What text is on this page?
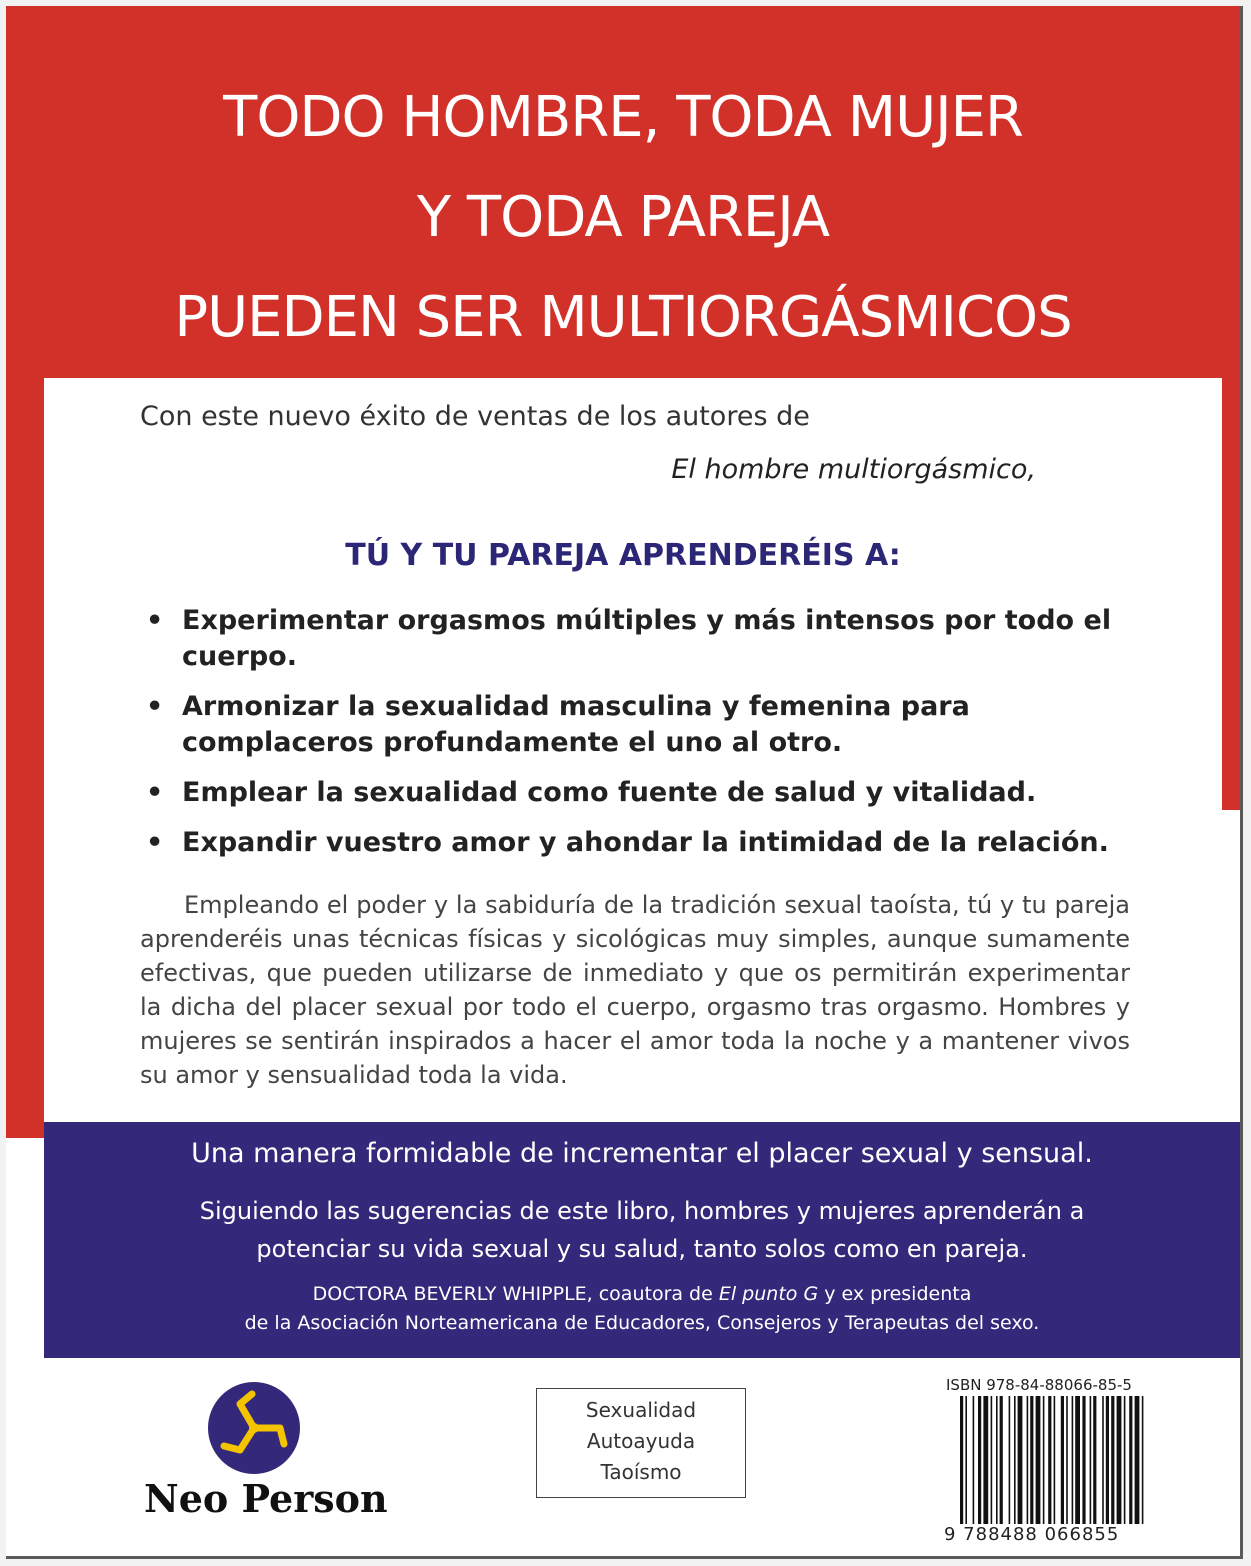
TODO HOMBRE, TODA MUJER
Y TODA PAREJA
PUEDEN SER MULTIORGÁSMICOS
Con este nuevo éxito de ventas de los autores de
El hombre multiorgásmico,
TÚ Y TU PAREJA APRENDERÉIS A:
• Experimentar orgasmos múltiples y más intensos por todo el cuerpo.
• Armonizar la sexualidad masculina y femenina para complaceros profundamente el uno al otro.
• Emplear la sexualidad como fuente de salud y vitalidad.
• Expandir vuestro amor y ahondar la intimidad de la relación.
Empleando el poder y la sabiduría de la tradición sexual taoísta, tú y tu pareja aprenderéis unas técnicas físicas y sicológicas muy simples, aunque sumamente efectivas, que pueden utilizarse de inmediato y que os permitirán experimentar la dicha del placer sexual por todo el cuerpo, orgasmo tras orgasmo. Hombres y mujeres se sentirán inspirados a hacer el amor toda la noche y a mantener vivos su amor y sensualidad toda la vida.
Una manera formidable de incrementar el placer sexual y sensual.
Siguiendo las sugerencias de este libro, hombres y mujeres aprenderán a
potenciar su vida sexual y su salud, tanto solos como en pareja.
DOCTORA BEVERLY WHIPPLE, coautora de El punto G y ex presidenta
de la Asociación Norteamericana de Educadores, Consejeros y Terapeutas del sexo.
Neo Person
Sexualidad
Autoayuda
Taoísmo
ISBN 978-84-88066-85-5
9 788488 066855
